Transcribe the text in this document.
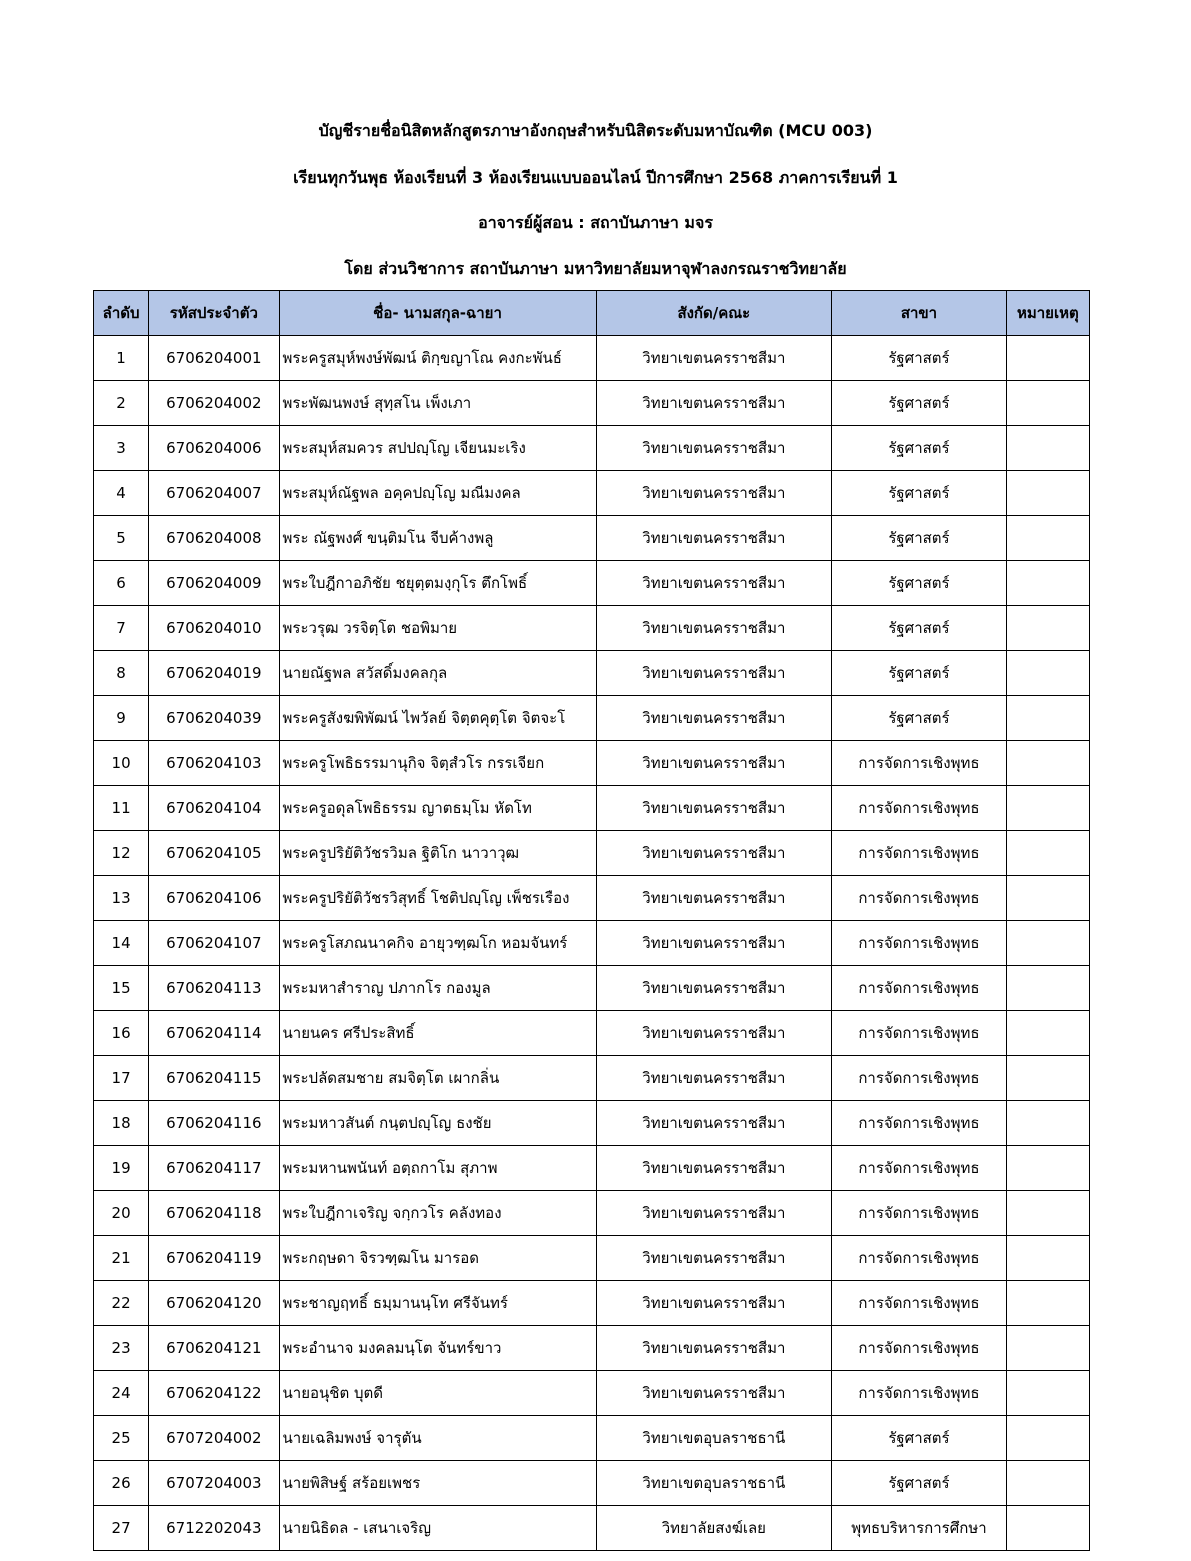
บัญชีรายชื่อนิสิตหลักสูตรภาษาอังกฤษสำหรับนิสิตระดับมหาบัณฑิต (MCU 003)
เรียนทุกวันพุธ ห้องเรียนที่ 3 ห้องเรียนแบบออนไลน์ ปีการศึกษา 2568 ภาคการเรียนที่ 1
อาจารย์ผู้สอน : สถาบันภาษา มจร
โดย ส่วนวิชาการ สถาบันภาษา มหาวิทยาลัยมหาจุฬาลงกรณราชวิทยาลัย
ลำดับ	รหัสประจำตัว	ชื่อ- นามสกุล-ฉายา	สังกัด/คณะ	สาขา	หมายเหตุ
1	6706204001	พระครูสมุห์พงษ์พัฒน์ ติกฺขญาโณ คงกะพันธ์	วิทยาเขตนครราชสีมา	รัฐศาสตร์	
2	6706204002	พระพัฒนพงษ์ สุทฺสโน เพ็งเภา	วิทยาเขตนครราชสีมา	รัฐศาสตร์	
3	6706204006	พระสมุห์สมควร สปปญฺโญ เจียนมะเริง	วิทยาเขตนครราชสีมา	รัฐศาสตร์	
4	6706204007	พระสมุห์ณัฐพล อคฺคปญฺโญ มณีมงคล	วิทยาเขตนครราชสีมา	รัฐศาสตร์	
5	6706204008	พระ ณัฐพงศ์ ขนฺติมโน จีบค้างพลู	วิทยาเขตนครราชสีมา	รัฐศาสตร์	
6	6706204009	พระใบฎีกาอภิชัย ชยุตฺตมงฺกุโร ตึกโพธิ์	วิทยาเขตนครราชสีมา	รัฐศาสตร์	
7	6706204010	พระวรุฒ วรจิตฺโต ชอพิมาย	วิทยาเขตนครราชสีมา	รัฐศาสตร์	
8	6706204019	นายณัฐพล สวัสดิ์มงคลกุล	วิทยาเขตนครราชสีมา	รัฐศาสตร์	
9	6706204039	พระครูสังฆพิพัฒน์ ไพวัลย์ จิตฺตคุตฺโต จิตจะโ	วิทยาเขตนครราชสีมา	รัฐศาสตร์	
10	6706204103	พระครูโพธิธรรมานุกิจ จิตฺสํวโร กรรเจียก	วิทยาเขตนครราชสีมา	การจัดการเชิงพุทธ	
11	6706204104	พระครูอดุลโพธิธรรม ญาตธมฺโม หัดโท	วิทยาเขตนครราชสีมา	การจัดการเชิงพุทธ	
12	6706204105	พระครูปริยัติวัชรวิมล ฐิติโก นาวาวุฒ	วิทยาเขตนครราชสีมา	การจัดการเชิงพุทธ	
13	6706204106	พระครูปริยัติวัชรวิสุทธิ์ โชติปญฺโญ เพ็ชรเรือง	วิทยาเขตนครราชสีมา	การจัดการเชิงพุทธ	
14	6706204107	พระครูโสภณนาคกิจ อายุวฑฺฒโก หอมจันทร์	วิทยาเขตนครราชสีมา	การจัดการเชิงพุทธ	
15	6706204113	พระมหาสำราญ ปภากโร กองมูล	วิทยาเขตนครราชสีมา	การจัดการเชิงพุทธ	
16	6706204114	นายนคร ศรีประสิทธิ์	วิทยาเขตนครราชสีมา	การจัดการเชิงพุทธ	
17	6706204115	พระปลัดสมชาย สมจิตฺโต เผากลิ่น	วิทยาเขตนครราชสีมา	การจัดการเชิงพุทธ	
18	6706204116	พระมหาวสันต์ กนฺตปญฺโญ ธงชัย	วิทยาเขตนครราชสีมา	การจัดการเชิงพุทธ	
19	6706204117	พระมหานพนันท์ อตฺถกาโม สุภาพ	วิทยาเขตนครราชสีมา	การจัดการเชิงพุทธ	
20	6706204118	พระใบฎีกาเจริญ จกฺกวโร คลังทอง	วิทยาเขตนครราชสีมา	การจัดการเชิงพุทธ	
21	6706204119	พระกฤษดา จิรวฑฺฒโน มารอด	วิทยาเขตนครราชสีมา	การจัดการเชิงพุทธ	
22	6706204120	พระชาญฤทธิ์ ธมฺมานนฺโท ศรีจันทร์	วิทยาเขตนครราชสีมา	การจัดการเชิงพุทธ	
23	6706204121	พระอำนาจ มงคลมนฺโต จันทร์ขาว	วิทยาเขตนครราชสีมา	การจัดการเชิงพุทธ	
24	6706204122	นายอนุชิต บุตดี	วิทยาเขตนครราชสีมา	การจัดการเชิงพุทธ	
25	6707204002	นายเฉลิมพงษ์ จารุตัน	วิทยาเขตอุบลราชธานี	รัฐศาสตร์	
26	6707204003	นายพิสิษฐ์ สร้อยเพชร	วิทยาเขตอุบลราชธานี	รัฐศาสตร์	
27	6712202043	นายนิธิดล - เสนาเจริญ	วิทยาลัยสงฆ์เลย	พุทธบริหารการศึกษา	
